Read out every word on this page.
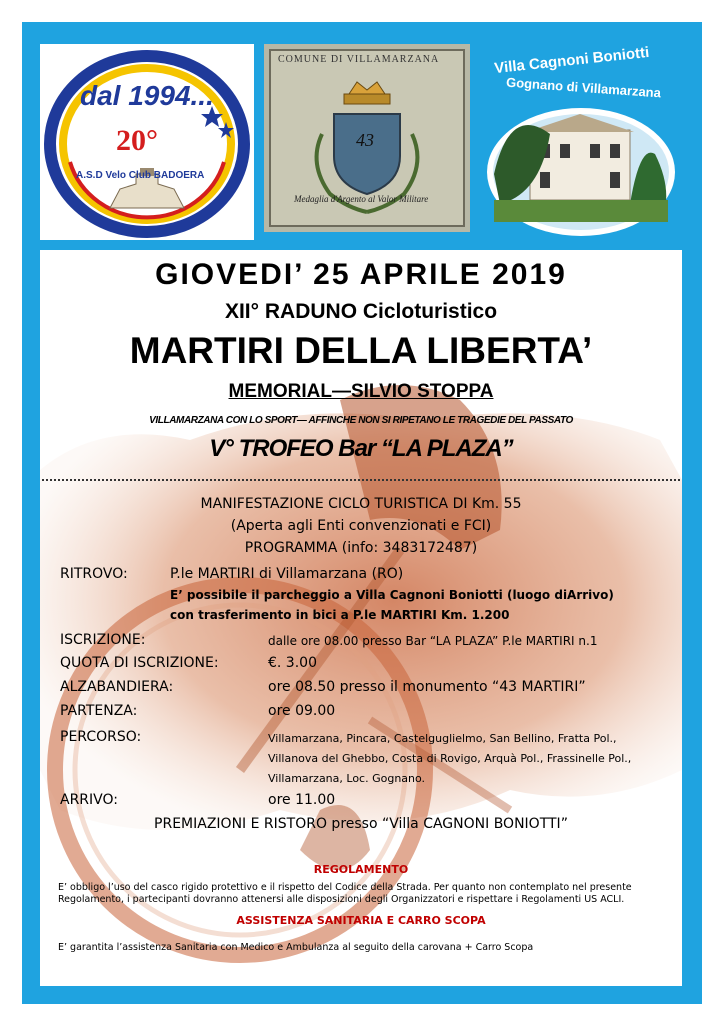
dal 1994...
20°
A.S.D Velo Club BADOERA
COMUNE DI VILLAMARZANA
43
Medaglia d'Argento al Valor Militare
Villa Cagnoni Boniotti
Gognano di Villamarzana
GIOVEDI’ 25 APRILE 2019
XII° RADUNO Cicloturistico
MARTIRI DELLA LIBERTA’
MEMORIAL—SILVIO STOPPA
VILLAMARZANA CON LO SPORT— AFFINCHE NON SI RIPETANO LE TRAGEDIE DEL PASSATO
V° TROFEO Bar “LA PLAZA”
MANIFESTAZIONE CICLO TURISTICA DI Km. 55
(Aperta agli Enti convenzionati e FCI)
PROGRAMMA (info: 3483172487)
RITROVO:	P.le MARTIRI di Villamarzana (RO)
E’ possibile il parcheggio a Villa Cagnoni Boniotti (luogo diArrivo)
con trasferimento in bici a P.le MARTIRI Km. 1.200
ISCRIZIONE:	dalle ore 08.00 presso Bar “LA PLAZA” P.le MARTIRI n.1
QUOTA DI ISCRIZIONE:	€. 3.00
ALZABANDIERA:	ore 08.50 presso il monumento “43 MARTIRI”
PARTENZA:	ore 09.00
PERCORSO:	Villamarzana, Pincara, Castelguglielmo, San Bellino, Fratta Pol.,
Villanova del Ghebbo, Costa di Rovigo, Arquà Pol., Frassinelle Pol.,
Villamarzana, Loc. Gognano.
ARRIVO:	ore 11.00
PREMIAZIONI E RISTORO presso “Villa CAGNONI BONIOTTI”
REGOLAMENTO
E’ obbligo l’uso del casco rigido protettivo e il rispetto del Codice della Strada. Per quanto non contemplato nel presente
Regolamento, i partecipanti dovranno attenersi alle disposizioni degli Organizzatori e rispettare i Regolamenti US ACLI.
ASSISTENZA SANITARIA E CARRO SCOPA
E’ garantita l’assistenza Sanitaria con Medico e Ambulanza al seguito della carovana + Carro Scopa
